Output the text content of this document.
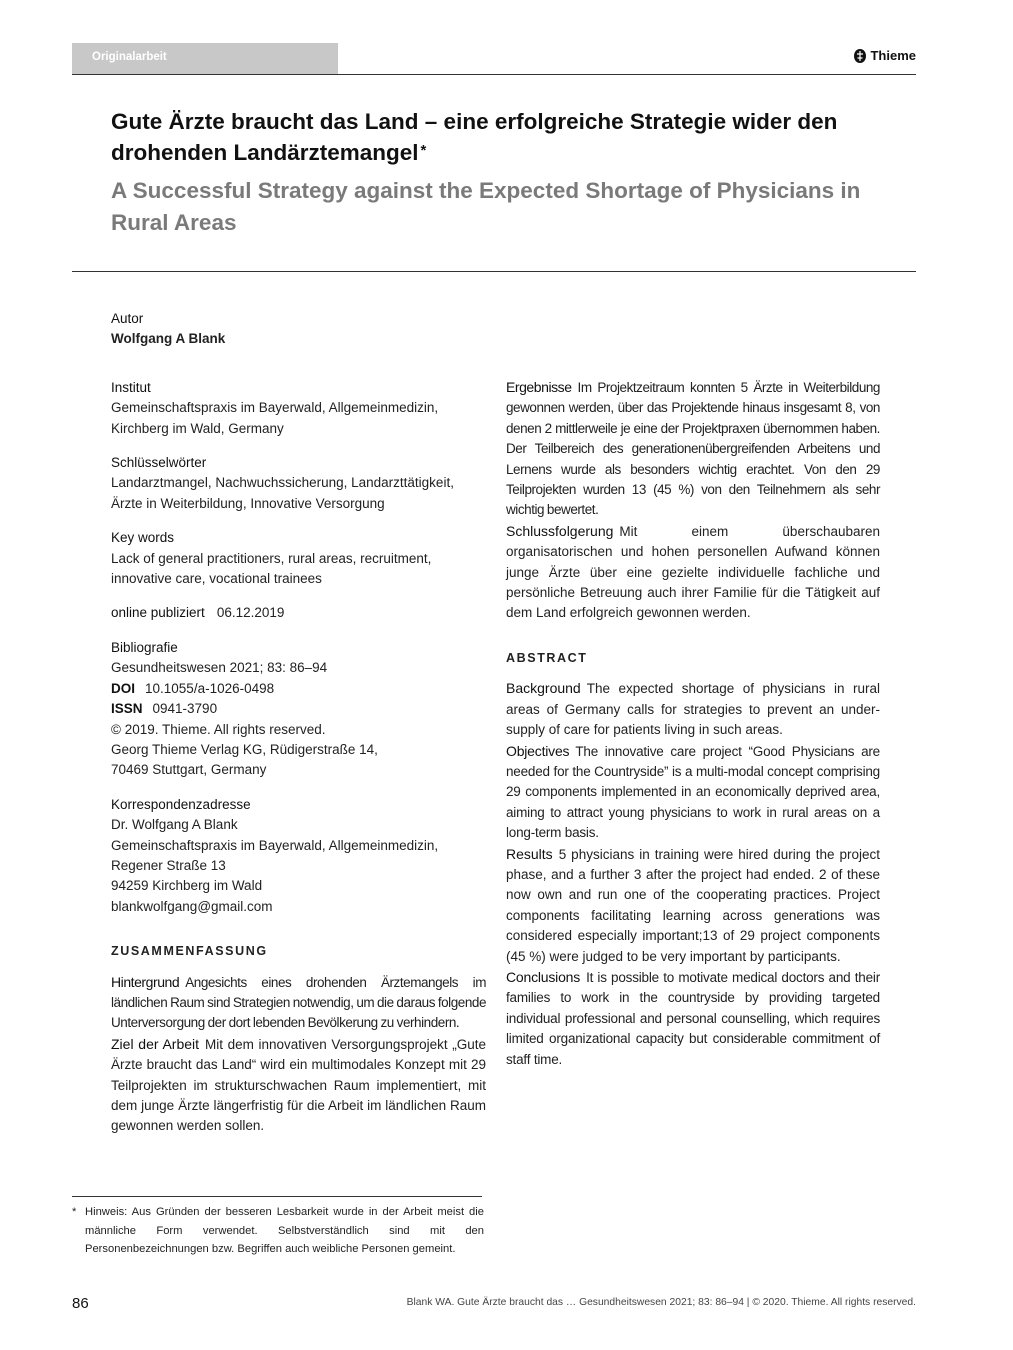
Originalarbeit	Thieme
Gute Ärzte braucht das Land – eine erfolgreiche Strategie wider den drohenden Landärztemangel *
A Successful Strategy against the Expected Shortage of Physicians in Rural Areas
Autor
Wolfgang A Blank
Institut
Gemeinschaftspraxis im Bayerwald, Allgemeinmedizin, Kirchberg im Wald, Germany
Schlüsselwörter
Landarztmangel, Nachwuchssicherung, Landarzttätigkeit, Ärzte in Weiterbildung, Innovative Versorgung
Key words
Lack of general practitioners, rural areas, recruitment, innovative care, vocational trainees
online publiziert 06.12.2019
Bibliografie
Gesundheitswesen 2021; 83: 86–94
DOI 10.1055/a-1026-0498
ISSN 0941-3790
© 2019. Thieme. All rights reserved.
Georg Thieme Verlag KG, Rüdigerstraße 14,
70469 Stuttgart, Germany
Korrespondenzadresse
Dr. Wolfgang A Blank
Gemeinschaftspraxis im Bayerwald, Allgemeinmedizin,
Regener Straße 13
94259 Kirchberg im Wald
blankwolfgang@gmail.com
ZUSAMMENFASSUNG

Hintergrund Angesichts eines drohenden Ärztemangels im ländlichen Raum sind Strategien notwendig, um die daraus folgende Unterversorgung der dort lebenden Bevölkerung zu verhindern.

Ziel der Arbeit Mit dem innovativen Versorgungsprojekt „Gute Ärzte braucht das Land“ wird ein multimodales Konzept mit 29 Teilprojekten im strukturschwachen Raum implementiert, mit dem junge Ärzte längerfristig für die Arbeit im ländlichen Raum gewonnen werden sollen.

Ergebnisse Im Projektzeitraum konnten 5 Ärzte in Weiterbildung gewonnen werden, über das Projektende hinaus insgesamt 8, von denen 2 mittlerweile je eine der Projektpraxen übernommen haben. Der Teilbereich des generationenübergreifenden Arbeitens und Lernens wurde als besonders wichtig erachtet. Von den 29 Teilprojekten wurden 13 (45 %) von den Teilnehmern als sehr wichtig bewertet.

Schlussfolgerung Mit einem überschaubaren organisatorischen und hohen personellen Aufwand können junge Ärzte über eine gezielte individuelle fachliche und persönliche Betreuung auch ihrer Familie für die Tätigkeit auf dem Land erfolgreich gewonnen werden.

ABSTRACT

Background The expected shortage of physicians in rural areas of Germany calls for strategies to prevent an under-supply of care for patients living in such areas.

Objectives The innovative care project “Good Physicians are needed for the Countryside” is a multi-modal concept comprising 29 components implemented in an economically deprived area, aiming to attract young physicians to work in rural areas on a long-term basis.

Results 5 physicians in training were hired during the project phase, and a further 3 after the project had ended. 2 of these now own and run one of the cooperating practices. Project components facilitating learning across generations was considered especially important;13 of 29 project components (45 %) were judged to be very important by participants.

Conclusions It is possible to motivate medical doctors and their families to work in the countryside by providing targeted individual professional and personal counselling, which requires limited organizational capacity but considerable commitment of staff time.

* Hinweis: Aus Gründen der besseren Lesbarkeit wurde in der Arbeit meist die männliche Form verwendet. Selbstverständlich sind mit den Personenbezeichnungen bzw. Begriffen auch weibliche Personen gemeint.
86	Blank WA. Gute Ärzte braucht das … Gesundheitswesen 2021; 83: 86–94 | © 2020. Thieme. All rights reserved.
